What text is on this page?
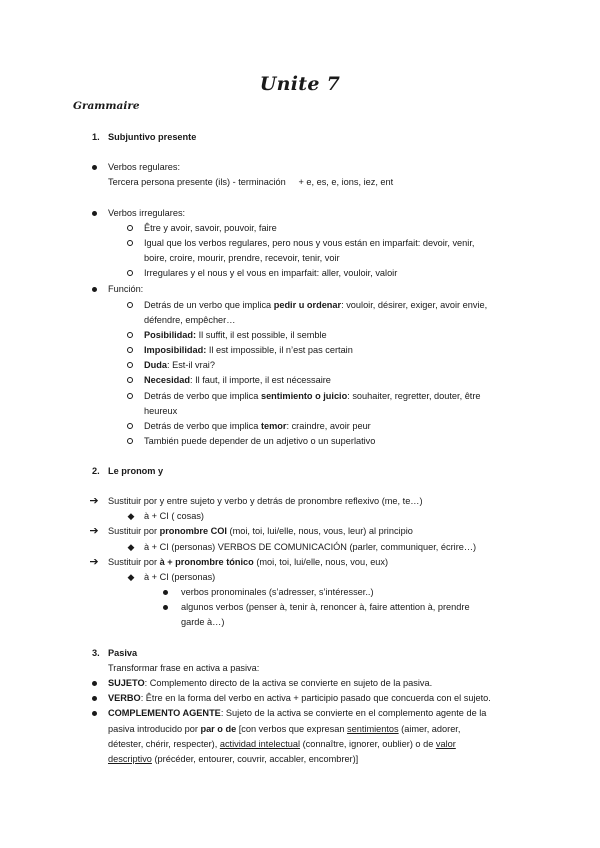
Unite 7
Grammaire
1. Subjuntivo presente
Verbos regulares:
Tercera persona presente (ils) - terminación + e, es, e, ions, iez, ent
Verbos irregulares:
Être y avoir, savoir, pouvoir, faire
Igual que los verbos regulares, pero nous y vous están en imparfait: devoir, venir,
boire, croire, mourir, prendre, recevoir, tenir, voir
Irregulares y el nous y el vous en imparfait: aller, vouloir, valoir
Función:
Detrás de un verbo que implica pedir u ordenar: vouloir, désirer, exiger, avoir envie,
défendre, empêcher…
Posibilidad: Il suffit, il est possible, il semble
Imposibilidad: Il est impossible, il n’est pas certain
Duda: Est-il vrai?
Necesidad: Il faut, il importe, il est nécessaire
Detrás de verbo que implica sentimiento o juicio: souhaiter, regretter, douter, être
heureux
Detrás de verbo que implica temor: craindre, avoir peur
También puede depender de un adjetivo o un superlativo
2. Le pronom y
➔ Sustituir por y entre sujeto y verbo y detrás de pronombre reflexivo (me, te…)
◆ à + CI ( cosas)
➔ Sustituir por pronombre COI (moi, toi, lui/elle, nous, vous, leur) al principio
◆ à + CI (personas) VERBOS DE COMUNICACIÓN (parler, communiquer, écrire…)
➔ Sustituir por à + pronombre tónico (moi, toi, lui/elle, nous, vou, eux)
◆ à + CI (personas)
verbos pronominales (s’adresser, s’intéresser..)
algunos verbos (penser à, tenir à, renoncer à, faire attention à, prendre
garde à…)
3. Pasiva
Transformar frase en activa a pasiva:
SUJETO: Complemento directo de la activa se convierte en sujeto de la pasiva.
VERBO: Être en la forma del verbo en activa + participio pasado que concuerda con el sujeto.
COMPLEMENTO AGENTE: Sujeto de la activa se convierte en el complemento agente de la
pasiva introducido por par o de [con verbos que expresan sentimientos (aimer, adorer,
détester, chérir, respecter), actividad intelectual (connaître, ignorer, oublier) o de valor
descriptivo (précéder, entourer, couvrir, accabler, encombrer)]
